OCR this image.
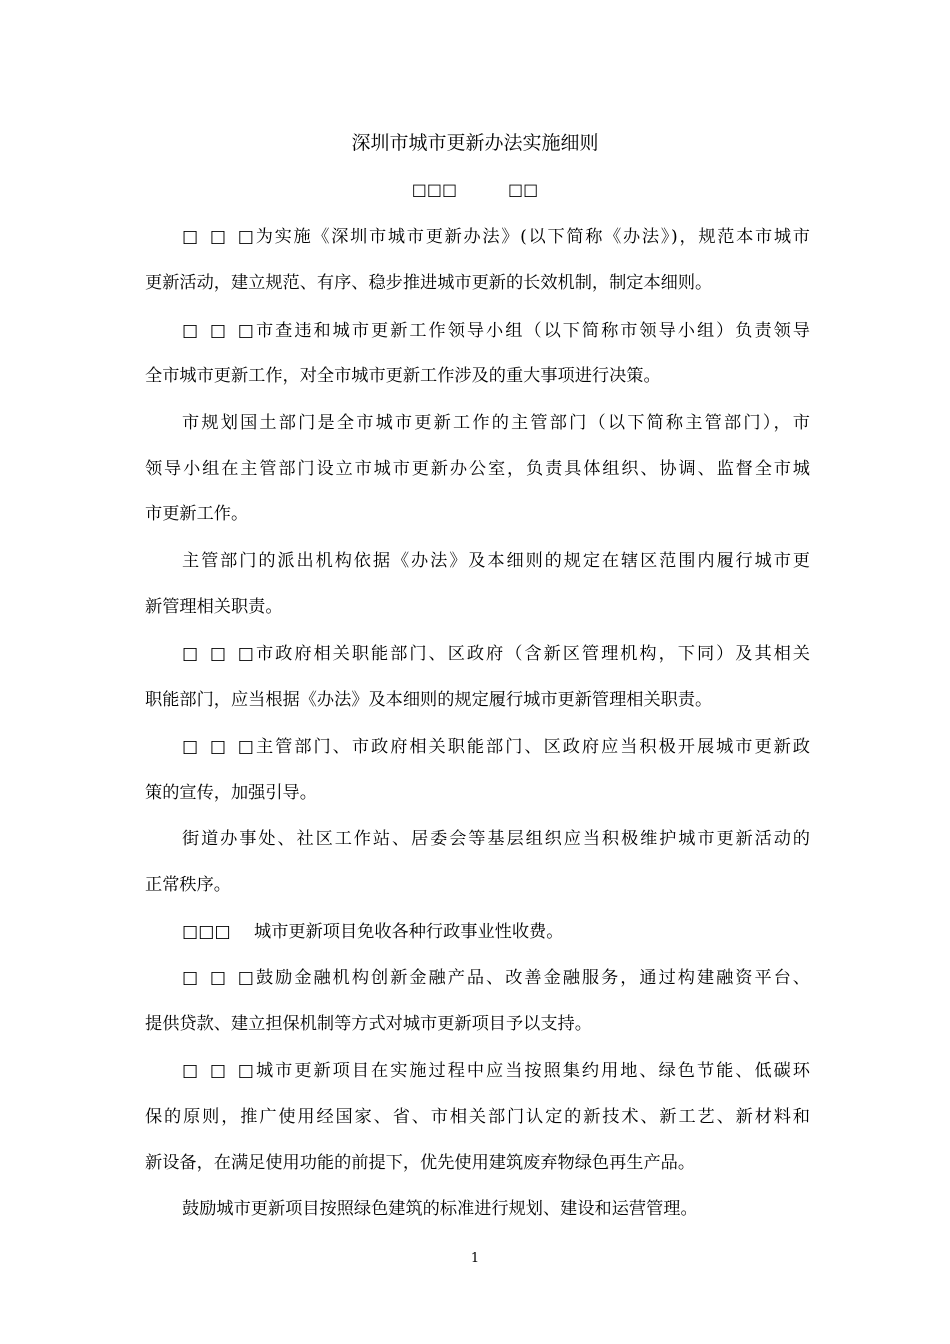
深圳市城市更新办法实施细则
□□□          □□
□□□为实施《深圳市城市更新办法》(以下简称《办法》)，规范本市城市
更新活动，建立规范、有序、稳步推进城市更新的长效机制，制定本细则。
□□□市查违和城市更新工作领导小组（以下简称市领导小组）负责领导
全市城市更新工作，对全市城市更新工作涉及的重大事项进行决策。
市规划国土部门是全市城市更新工作的主管部门（以下简称主管部门），市
领导小组在主管部门设立市城市更新办公室，负责具体组织、协调、监督全市城
市更新工作。
主管部门的派出机构依据《办法》及本细则的规定在辖区范围内履行城市更
新管理相关职责。
□□□市政府相关职能部门、区政府（含新区管理机构，下同）及其相关
职能部门，应当根据《办法》及本细则的规定履行城市更新管理相关职责。
□□□主管部门、市政府相关职能部门、区政府应当积极开展城市更新政
策的宣传，加强引导。
街道办事处、社区工作站、居委会等基层组织应当积极维护城市更新活动的
正常秩序。
□□□ 城市更新项目免收各种行政事业性收费。
□□□鼓励金融机构创新金融产品、改善金融服务，通过构建融资平台、
提供贷款、建立担保机制等方式对城市更新项目予以支持。
□□□城市更新项目在实施过程中应当按照集约用地、绿色节能、低碳环
保的原则，推广使用经国家、省、市相关部门认定的新技术、新工艺、新材料和
新设备，在满足使用功能的前提下，优先使用建筑废弃物绿色再生产品。
鼓励城市更新项目按照绿色建筑的标准进行规划、建设和运营管理。
1
